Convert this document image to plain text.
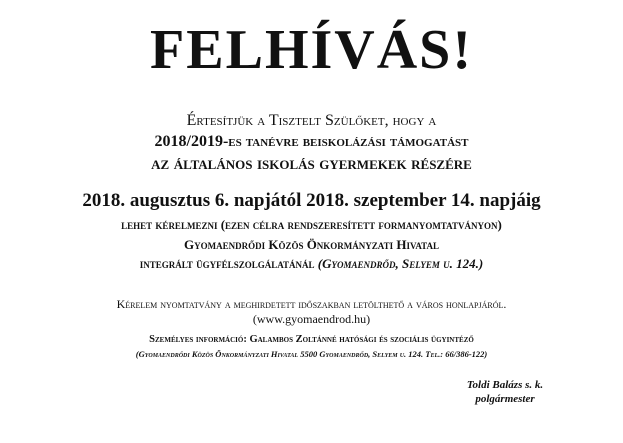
FELHÍVÁS!
Értesítjük a Tisztelt Szülőket, hogy a
2018/2019-es tanévre beiskolázási támogatást
az általános iskolás gyermekek részére
2018. augusztus 6. napjától 2018. szeptember 14. napjáig
lehet kérelmezni (ezen célra rendszeresített formanyomtatványon)
Gyomaendrődi Közös Önkormányzati Hivatal
integrált ügyfélszolgálatánál (Gyomaendrőd, Selyem u. 124.)
Kérelem nyomtatvány a meghirdetett időszakban letölthető a város honlapjáról.
(www.gyomaendrod.hu)
Személyes információ: Galambos Zoltánné hatósági és szociális ügyintéző
(Gyomaendrődi Közös Önkormányzati Hivatal 5500 Gyomaendrőd, Selyem u. 124. Tel.: 66/386-122)
Toldi Balázs s. k.
polgármester
